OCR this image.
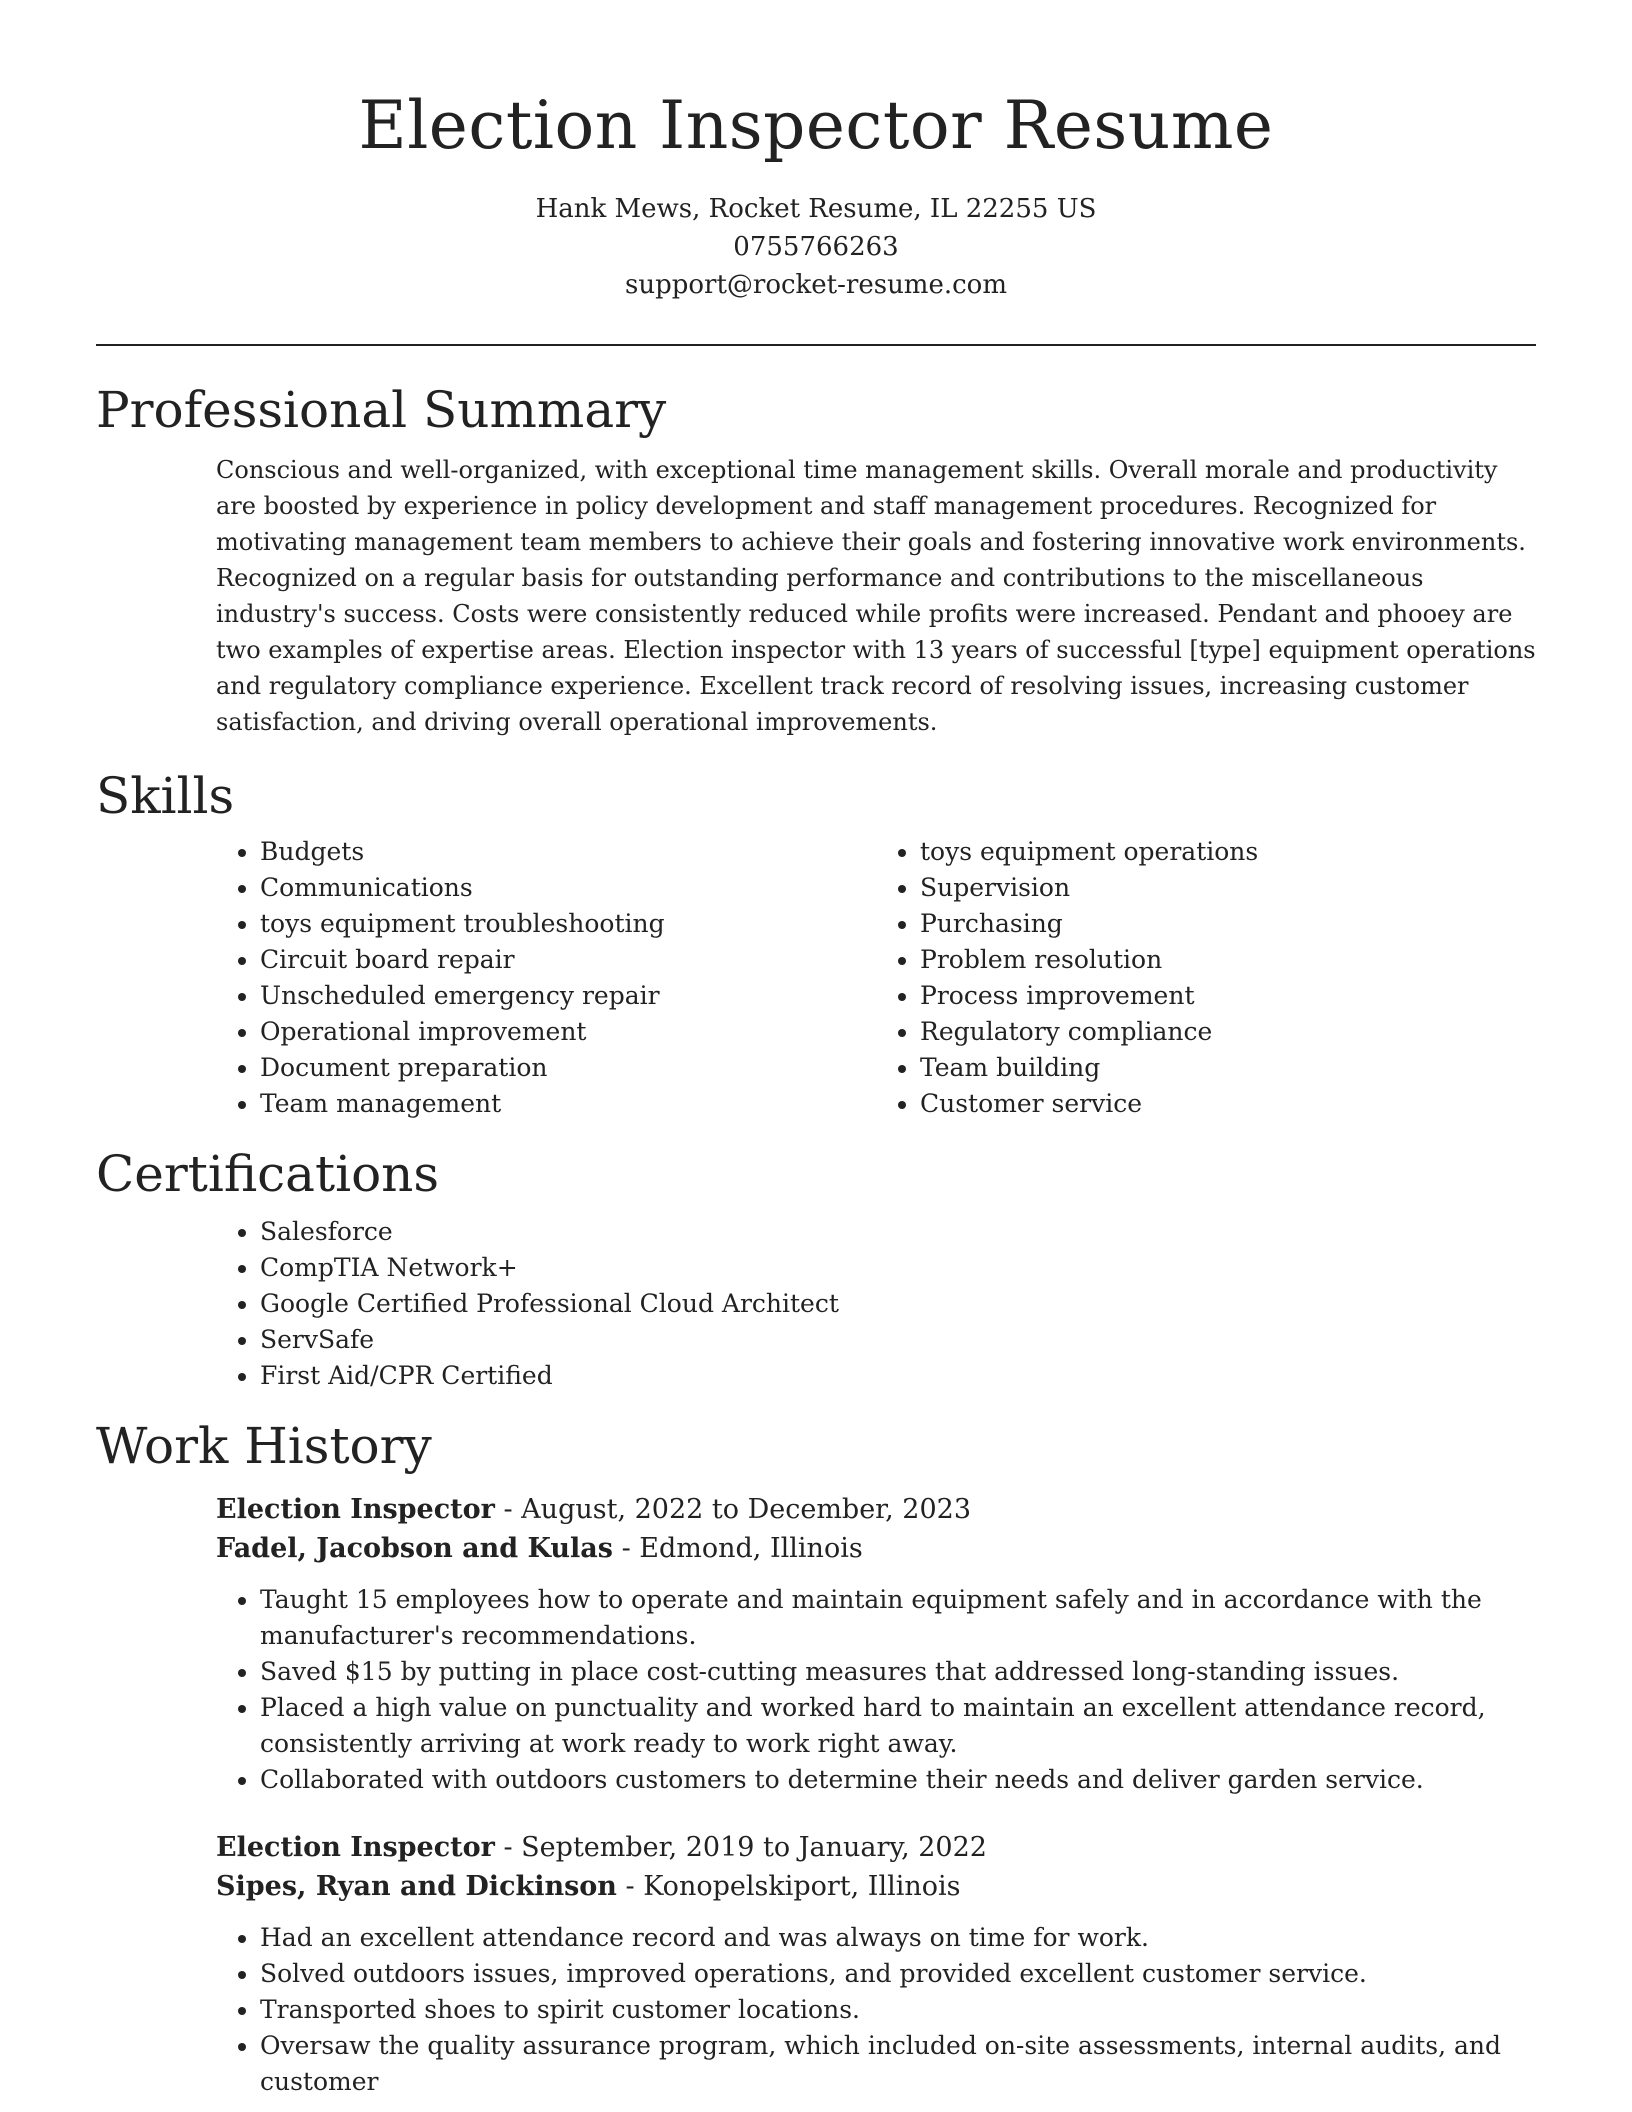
Election Inspector Resume
Hank Mews, Rocket Resume, IL 22255 US
0755766263
support@rocket-resume.com
Professional Summary

Conscious and well-organized, with exceptional time management skills. Overall morale and productivity are boosted by experience in policy development and staff management procedures. Recognized for motivating management team members to achieve their goals and fostering innovative work environments. Recognized on a regular basis for outstanding performance and contributions to the miscellaneous industry's success. Costs were consistently reduced while profits were increased. Pendant and phooey are two examples of expertise areas. Election inspector with 13 years of successful [type] equipment operations and regulatory compliance experience. Excellent track record of resolving issues, increasing customer satisfaction, and driving overall operational improvements.

Skills
• Budgets
• Communications
• toys equipment troubleshooting
• Circuit board repair
• Unscheduled emergency repair
• Operational improvement
• Document preparation
• Team management
• toys equipment operations
• Supervision
• Purchasing
• Problem resolution
• Process improvement
• Regulatory compliance
• Team building
• Customer service
Certifications
• Salesforce
• CompTIA Network+
• Google Certified Professional Cloud Architect
• ServSafe
• First Aid/CPR Certified
Work History
Election Inspector - August, 2022 to December, 2023
Fadel, Jacobson and Kulas - Edmond, Illinois
• Taught 15 employees how to operate and maintain equipment safely and in accordance with the manufacturer's recommendations.
• Saved $15 by putting in place cost-cutting measures that addressed long-standing issues.
• Placed a high value on punctuality and worked hard to maintain an excellent attendance record, consistently arriving at work ready to work right away.
• Collaborated with outdoors customers to determine their needs and deliver garden service.
Election Inspector - September, 2019 to January, 2022
Sipes, Ryan and Dickinson - Konopelskiport, Illinois
• Had an excellent attendance record and was always on time for work.
• Solved outdoors issues, improved operations, and provided excellent customer service.
• Transported shoes to spirit customer locations.
• Oversaw the quality assurance program, which included on-site assessments, internal audits, and customer
